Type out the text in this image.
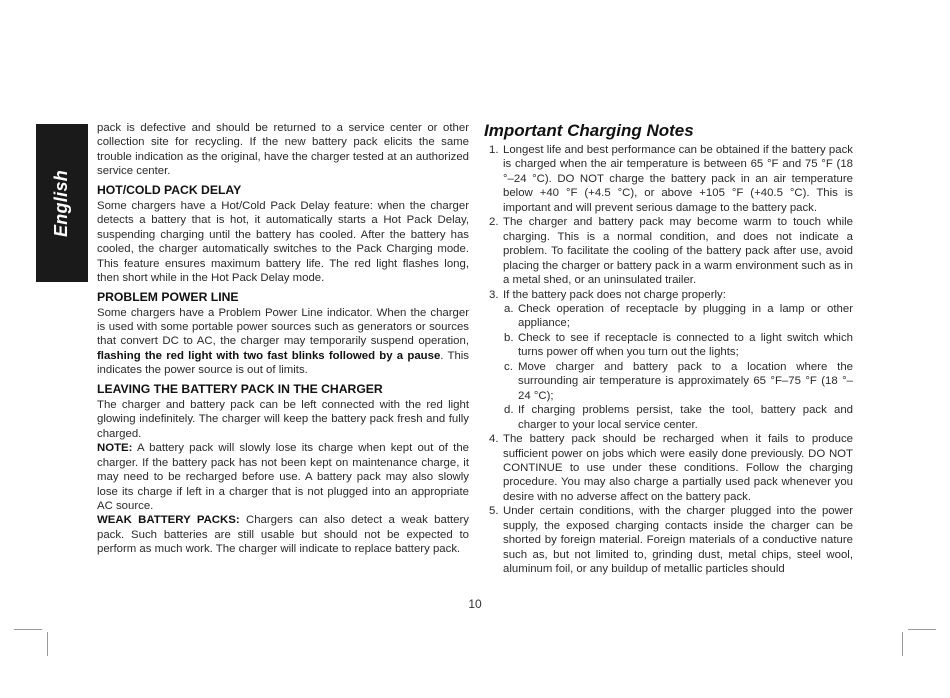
English

pack is defective and should be returned to a service center or other collection site for recycling. If the new battery pack elicits the same trouble indication as the original, have the charger tested at an authorized service center.

HOT/COLD PACK DELAY

Some chargers have a Hot/Cold Pack Delay feature: when the charger detects a battery that is hot, it automatically starts a Hot Pack Delay, suspending charging until the battery has cooled. After the battery has cooled, the charger automatically switches to the Pack Charging mode. This feature ensures maximum battery life. The red light flashes long, then short while in the Hot Pack Delay mode.

PROBLEM POWER LINE

Some chargers have a Problem Power Line indicator. When the charger is used with some portable power sources such as generators or sources that convert DC to AC, the charger may temporarily suspend operation, flashing the red light with two fast blinks followed by a pause. This indicates the power source is out of limits.

LEAVING THE BATTERY PACK IN THE CHARGER

The charger and battery pack can be left connected with the red light glowing indefinitely. The charger will keep the battery pack fresh and fully charged.

NOTE: A battery pack will slowly lose its charge when kept out of the charger. If the battery pack has not been kept on maintenance charge, it may need to be recharged before use. A battery pack may also slowly lose its charge if left in a charger that is not plugged into an appropriate AC source.

WEAK BATTERY PACKS: Chargers can also detect a weak battery pack. Such batteries are still usable but should not be expected to perform as much work. The charger will indicate to replace battery pack.

Important Charging Notes
1. Longest life and best performance can be obtained if the battery pack is charged when the air temperature is between 65 °F and 75 °F (18 °–24 °C). DO NOT charge the battery pack in an air temperature below +40 °F (+4.5 °C), or above +105 °F (+40.5 °C). This is important and will prevent serious damage to the battery pack.
2. The charger and battery pack may become warm to touch while charging. This is a normal condition, and does not indicate a problem. To facilitate the cooling of the battery pack after use, avoid placing the charger or battery pack in a warm environment such as in a metal shed, or an uninsulated trailer.
3. If the battery pack does not charge properly:
a. Check operation of receptacle by plugging in a lamp or other appliance;
b. Check to see if receptacle is connected to a light switch which turns power off when you turn out the lights;
c. Move charger and battery pack to a location where the surrounding air temperature is approximately 65 °F–75 °F (18 °–24 °C);
d. If charging problems persist, take the tool, battery pack and charger to your local service center.
4. The battery pack should be recharged when it fails to produce sufficient power on jobs which were easily done previously. DO NOT CONTINUE to use under these conditions. Follow the charging procedure. You may also charge a partially used pack whenever you desire with no adverse affect on the battery pack.
5. Under certain conditions, with the charger plugged into the power supply, the exposed charging contacts inside the charger can be shorted by foreign material. Foreign materials of a conductive nature such as, but not limited to, grinding dust, metal chips, steel wool, aluminum foil, or any buildup of metallic particles should
10
